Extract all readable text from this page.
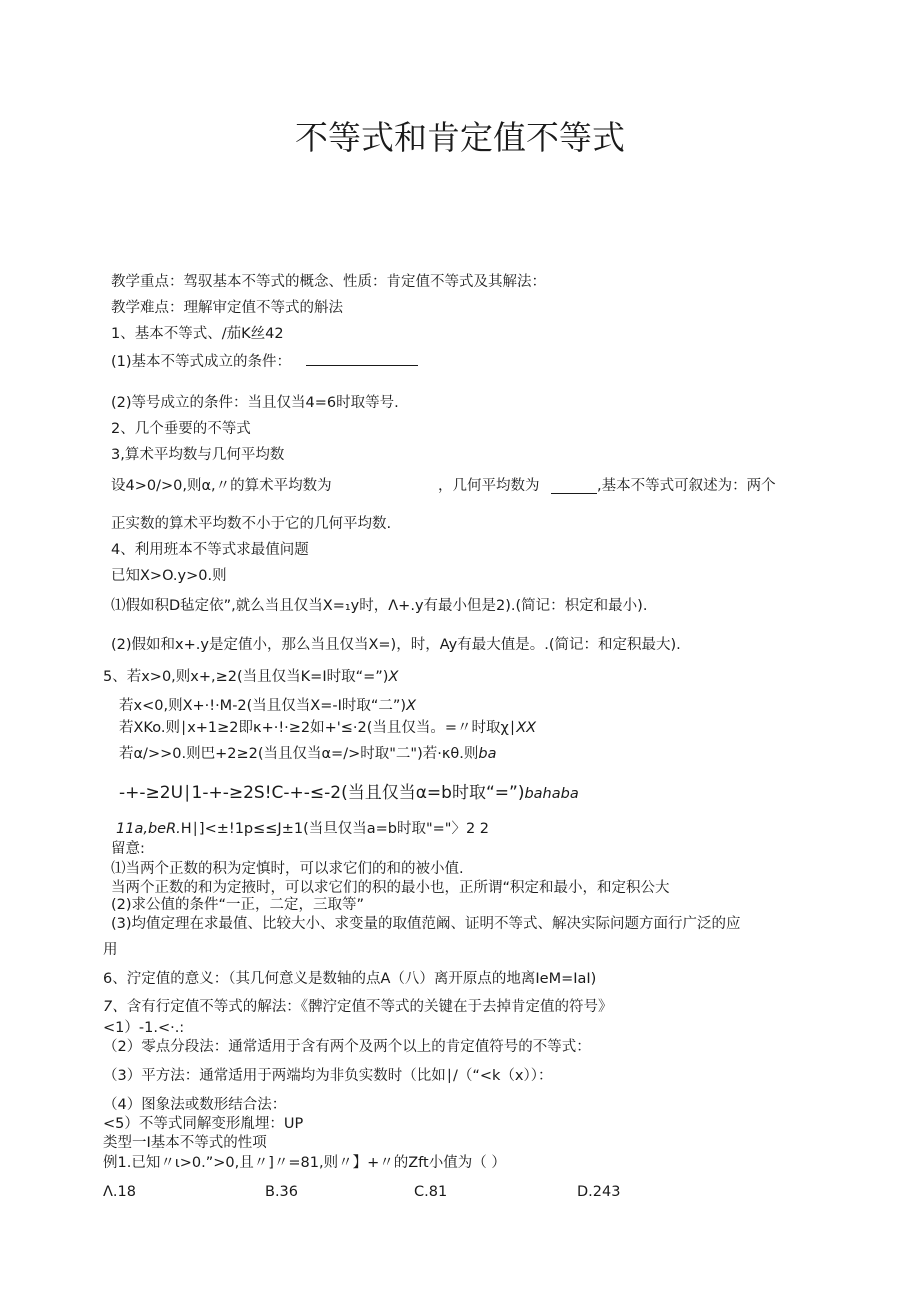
不等式和肯定值不等式
教学重点：驾驭基本不等式的概念、性质：肯定值不等式及其解法：
教学难点：理解审定值不等式的斛法
1、基本不等式、/茄K丝42
(1)基本不等式成立的条件：
(2)等号成立的条件：当且仅当4=6时取等号.
2、几个垂要的不等式
3,算术平均数与几何平均数
设4>0/>0,则α,〃的算术平均数为	，几何平均数为	,基本不等式可叙述为：两个
正实数的算术平均数不小于它的几何平均数.
4、利用班本不等式求最值问题
已知X>O.y>0.则
⑴假如积D毡定依”,就么当且仅当X=₁y时，Λ+.y有最小但是2).(简记：枳定和最小).
(2)假如和x+.y是定值小，那么当且仅当X=)，时，Ay有最大值是。.(简记：和定积最大).
5、若x>0,则x+,≥2(当且仅当K=I时取“=”)X
若x<0,则X+·!·M-2(当且仅当X=-I时取“二”)X
若XKo.则∣x+1≥2即κ+·!·≥2如+'≤·2(当且仅当。=〃时取χ∣XX
若α/>>0.则巴+2≥2(当且仅当α=/>时取"二")若·κθ.则ba
-+-≥2U∣1-+-≥2S!C-+-≤-2(当且仅当α=b时取“=”)bahaba
11a,beR.H∣]<±!1p≤≤J±1(当旦仅当a=b时取"="〉2 2
留意:
⑴当两个正数的积为定慎时，可以求它们的和的被小值.
当两个正数的和为定掖时，可以求它们的积的最小也，正所谓“积定和最小，和定积公大
(2)求公值的条件“一正，二定，三取等”
(3)均值定理在求最值、比较大小、求变量的取值范阚、证明不等式、解决实际问题方面行广泛的应
用
6、泞定值的意义：（其几何意义是数轴的点A（八）离开原点的地离IeM=IaI)
7、含有行定值不等式的解法：《髀泞定值不等式的关键在于去掉肯定值的符号》
<1）-1.<·.:
（2）零点分段法：通常适用于含有两个及两个以上的肯定值符号的不等式：
（3）平方法：通常适用于两端均为非负实数时（比如∣/（“<k（x））：
（4）图象法或数形结合法：
<5）不等式同解变形胤埋：UP
类型一I基本不等式的性项
例1.已知〃ι>0.”>0,且〃]〃=81,则〃】+〃的Zft小值为（ ）
Λ.18	B.36	C.81	D.243
